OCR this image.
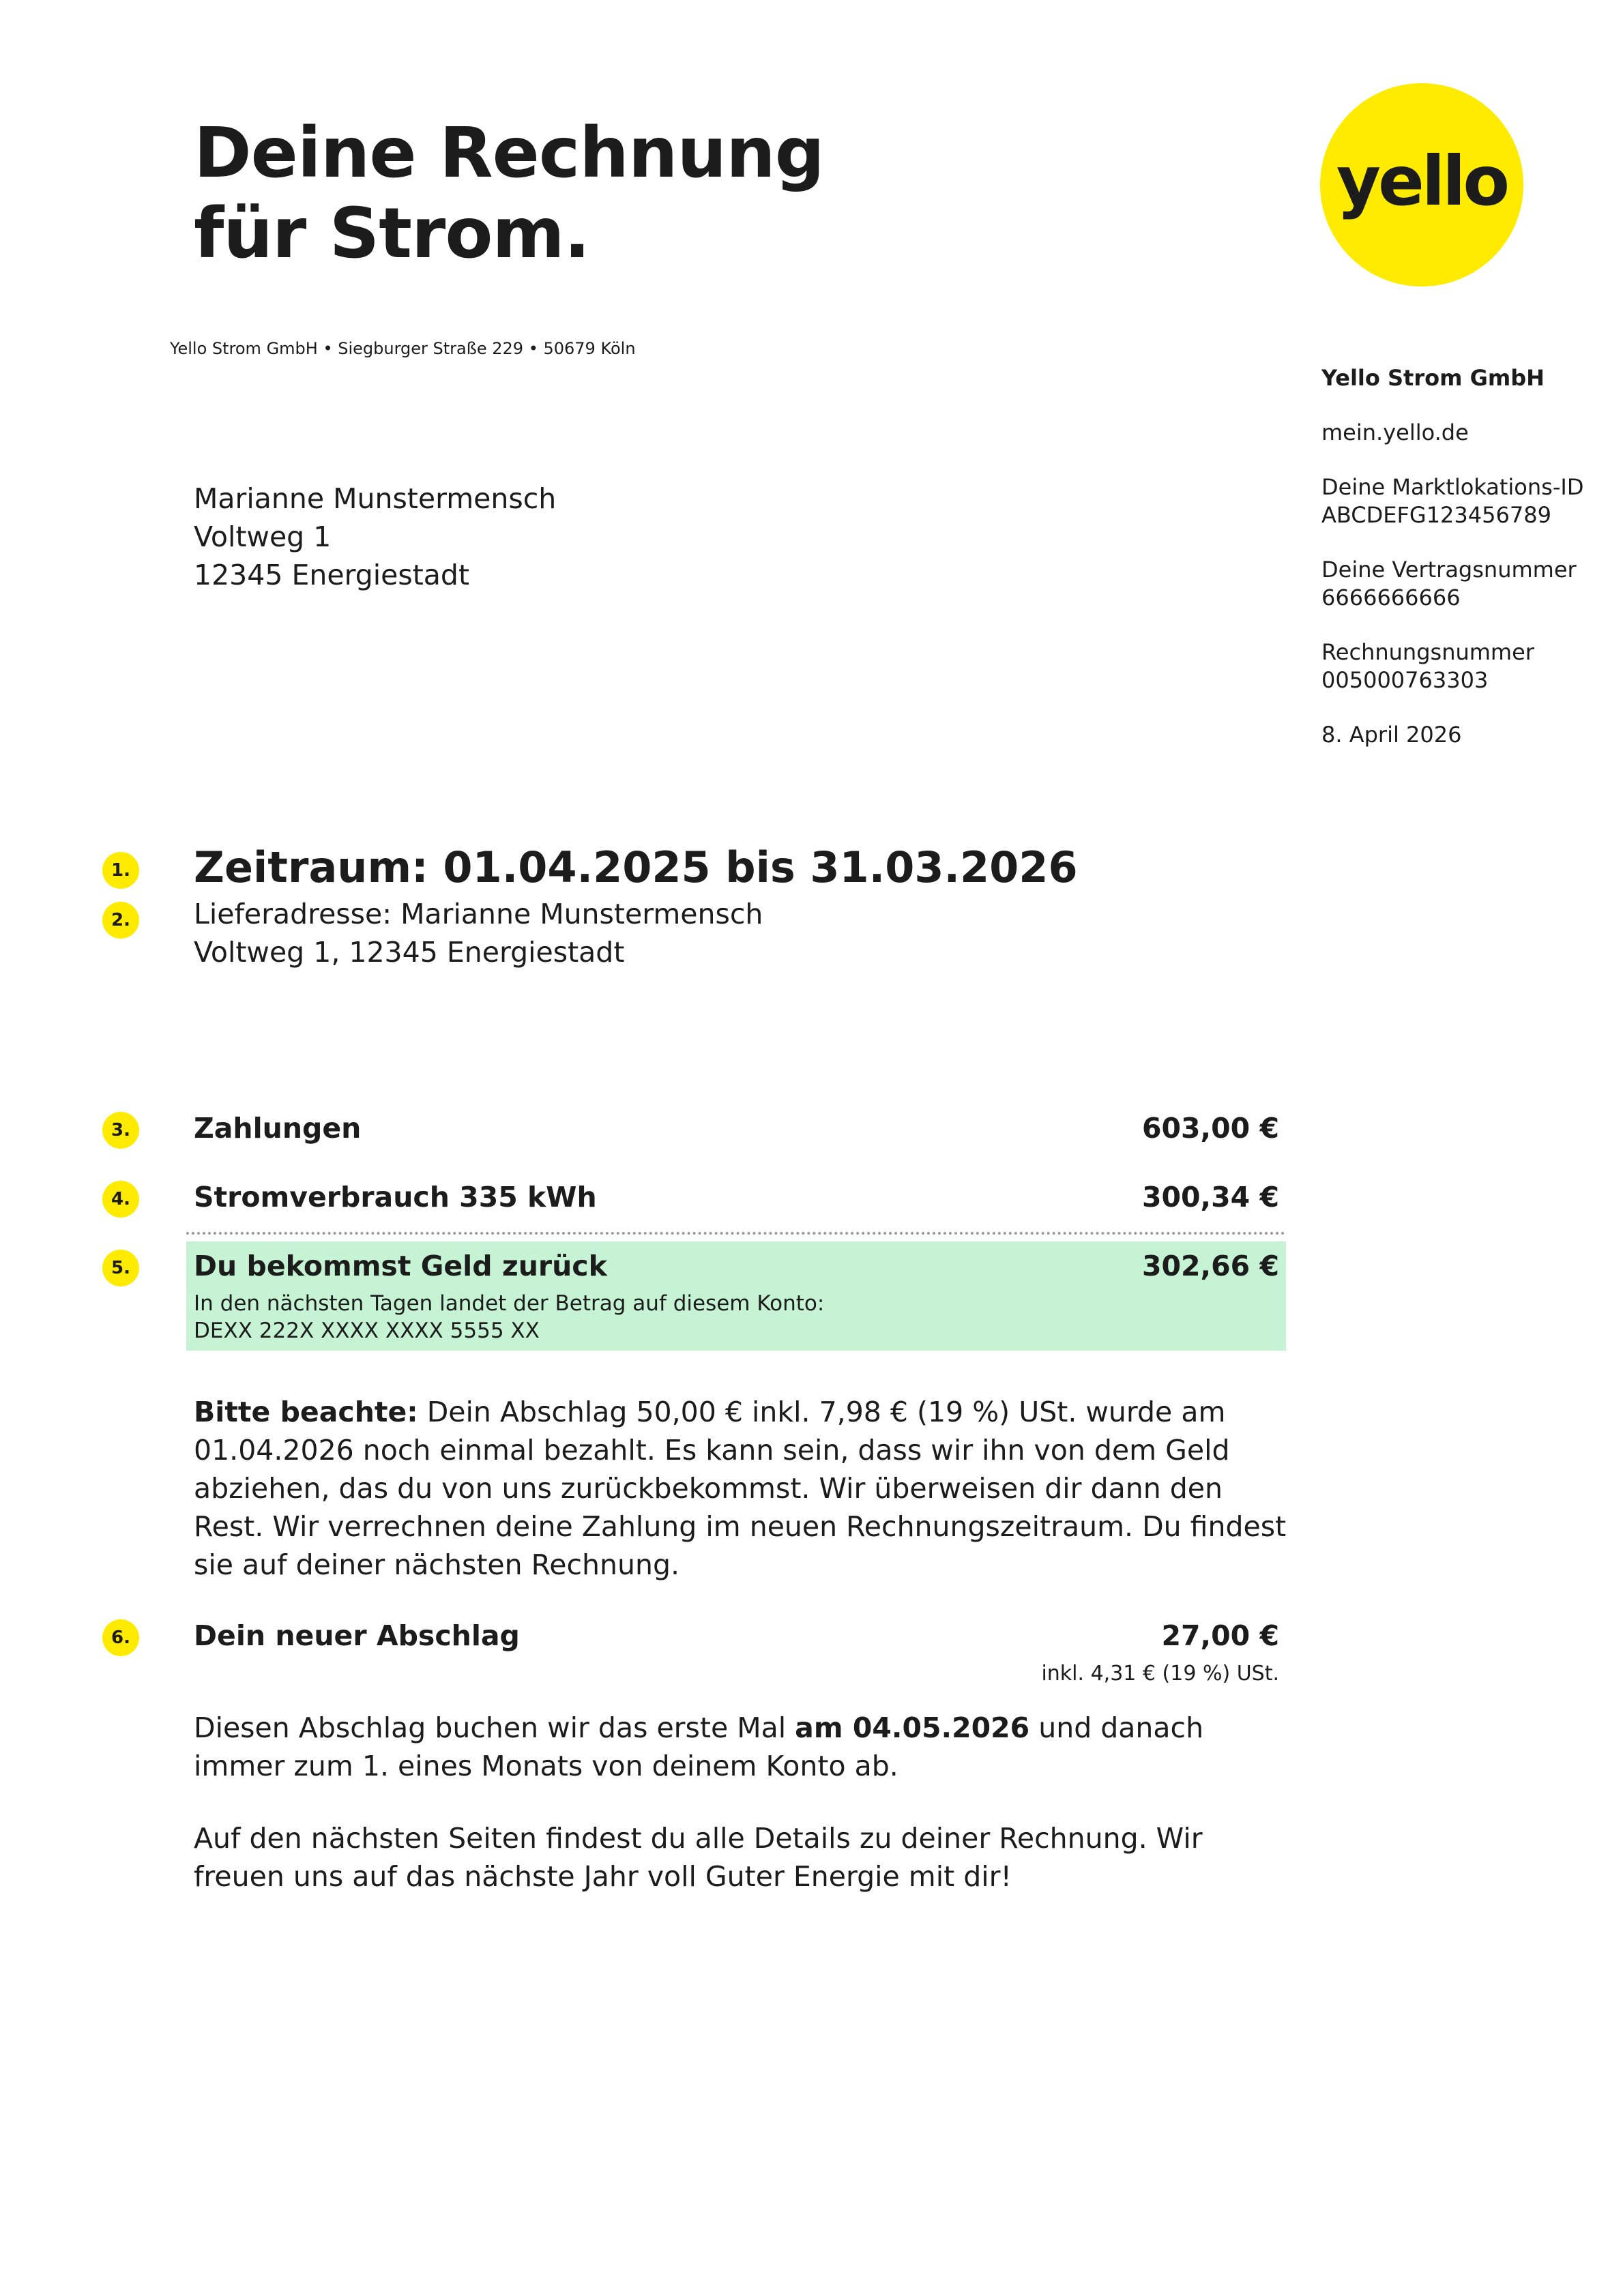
Deine Rechnung
für Strom.
yello
Yello Strom GmbH • Siegburger Straße 229 • 50679 Köln
Marianne Munstermensch
Voltweg 1
12345 Energiestadt
Yello Strom GmbH
mein.yello.de
Deine Marktlokations-ID
ABCDEFG123456789
Deine Vertragsnummer
6666666666
Rechnungsnummer
005000763303
8. April 2026
1.
2.
3.
4.
5.
6.
Zeitraum: 01.04.2025 bis 31.03.2026
Lieferadresse: Marianne Munstermensch
Voltweg 1, 12345 Energiestadt
Zahlungen	603,00 €
Stromverbrauch 335 kWh	300,34 €
Du bekommst Geld zurück	302,66 €
In den nächsten Tagen landet der Betrag auf diesem Konto:
DEXX 222X XXXX XXXX 5555 XX
Bitte beachte: Dein Abschlag 50,00 € inkl. 7,98 € (19 %) USt. wurde am 01.04.2026 noch einmal bezahlt. Es kann sein, dass wir ihn von dem Geld abziehen, das du von uns zurückbekommst. Wir überweisen dir dann den Rest. Wir verrechnen deine Zahlung im neuen Rechnungszeitraum. Du findest sie auf deiner nächsten Rechnung.
Dein neuer Abschlag	27,00 €
inkl. 4,31 € (19 %) USt.
Diesen Abschlag buchen wir das erste Mal am 04.05.2026 und danach immer zum 1. eines Monats von deinem Konto ab.
Auf den nächsten Seiten findest du alle Details zu deiner Rechnung. Wir freuen uns auf das nächste Jahr voll Guter Energie mit dir!
